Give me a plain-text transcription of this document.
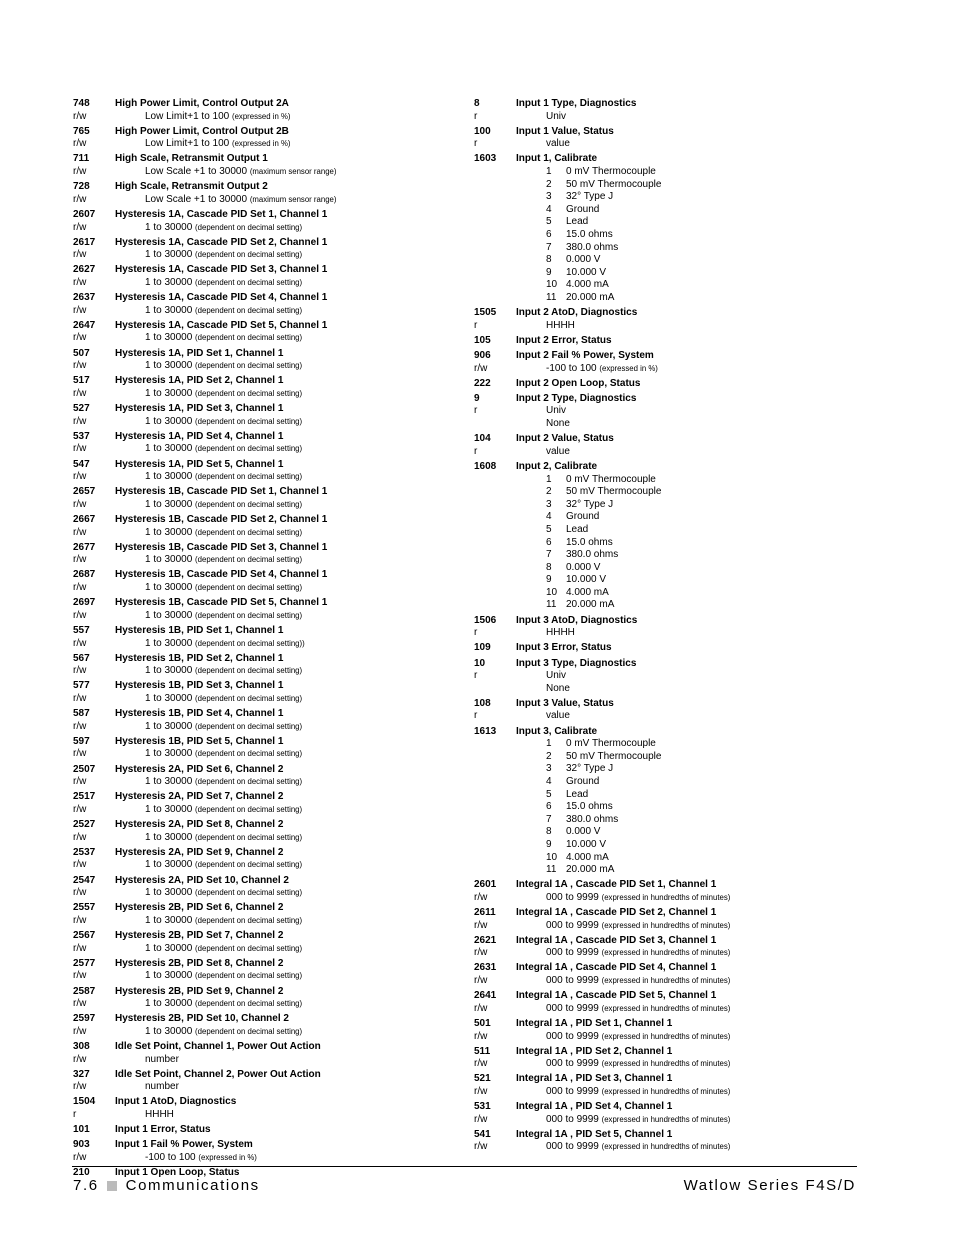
748	High Power Limit, Control Output 2A
r/w	Low Limit+1 to 100 (expressed in %)
765	High Power Limit, Control Output 2B
r/w	Low Limit+1 to 100 (expressed in %)
711	High Scale, Retransmit Output 1
r/w	Low Scale +1 to 30000 (maximum sensor range)
728	High Scale, Retransmit Output 2
r/w	Low Scale +1 to 30000 (maximum sensor range)
2607	Hysteresis 1A, Cascade PID Set 1, Channel 1
r/w	1 to 30000 (dependent on decimal setting)
2617	Hysteresis 1A, Cascade PID Set 2, Channel 1
r/w	1 to 30000 (dependent on decimal setting)
2627	Hysteresis 1A, Cascade PID Set 3, Channel 1
r/w	1 to 30000 (dependent on decimal setting)
2637	Hysteresis 1A, Cascade PID Set 4, Channel 1
r/w	1 to 30000 (dependent on decimal setting)
2647	Hysteresis 1A, Cascade PID Set 5, Channel 1
r/w	1 to 30000 (dependent on decimal setting)
507	Hysteresis 1A, PID Set 1, Channel 1
r/w	1 to 30000 (dependent on decimal setting)
517	Hysteresis 1A, PID Set 2, Channel 1
r/w	1 to 30000 (dependent on decimal setting)
527	Hysteresis 1A, PID Set 3, Channel 1
r/w	1 to 30000 (dependent on decimal setting)
537	Hysteresis 1A, PID Set 4, Channel 1
r/w	1 to 30000 (dependent on decimal setting)
547	Hysteresis 1A, PID Set 5, Channel 1
r/w	1 to 30000 (dependent on decimal setting)
2657	Hysteresis 1B, Cascade PID Set 1, Channel 1
r/w	1 to 30000 (dependent on decimal setting)
2667	Hysteresis 1B, Cascade PID Set 2, Channel 1
r/w	1 to 30000 (dependent on decimal setting)
2677	Hysteresis 1B, Cascade PID Set 3, Channel 1
r/w	1 to 30000 (dependent on decimal setting)
2687	Hysteresis 1B, Cascade PID Set 4, Channel 1
r/w	1 to 30000 (dependent on decimal setting)
2697	Hysteresis 1B, Cascade PID Set 5, Channel 1
r/w	1 to 30000 (dependent on decimal setting)
557	Hysteresis 1B, PID Set 1, Channel 1
r/w	1 to 30000 (dependent on decimal setting))
567	Hysteresis 1B, PID Set 2, Channel 1
r/w	1 to 30000 (dependent on decimal setting)
577	Hysteresis 1B, PID Set 3, Channel 1
r/w	1 to 30000 (dependent on decimal setting)
587	Hysteresis 1B, PID Set 4, Channel 1
r/w	1 to 30000 (dependent on decimal setting)
597	Hysteresis 1B, PID Set 5, Channel 1
r/w	1 to 30000 (dependent on decimal setting)
2507	Hysteresis 2A, PID Set 6, Channel 2
r/w	1 to 30000 (dependent on decimal setting)
2517	Hysteresis 2A, PID Set 7, Channel 2
r/w	1 to 30000 (dependent on decimal setting)
2527	Hysteresis 2A, PID Set 8, Channel 2
r/w	1 to 30000 (dependent on decimal setting)
2537	Hysteresis 2A, PID Set 9, Channel 2
r/w	1 to 30000 (dependent on decimal setting)
2547	Hysteresis 2A, PID Set 10, Channel 2
r/w	1 to 30000 (dependent on decimal setting)
2557	Hysteresis 2B, PID Set 6, Channel 2
r/w	1 to 30000 (dependent on decimal setting)
2567	Hysteresis 2B, PID Set 7, Channel 2
r/w	1 to 30000 (dependent on decimal setting)
2577	Hysteresis 2B, PID Set 8, Channel 2
r/w	1 to 30000 (dependent on decimal setting)
2587	Hysteresis 2B, PID Set 9, Channel 2
r/w	1 to 30000 (dependent on decimal setting)
2597	Hysteresis 2B, PID Set 10, Channel 2
r/w	1 to 30000 (dependent on decimal setting)
308	Idle Set Point, Channel 1, Power Out Action
r/w	number
327	Idle Set Point, Channel 2, Power Out Action
r/w	number
1504	Input 1 AtoD, Diagnostics
r	HHHH
101	Input 1 Error, Status
903	Input 1 Fail % Power, System
r/w	-100 to 100 (expressed in %)
210	Input 1 Open Loop, Status
8	Input 1 Type, Diagnostics
r	Univ
100	Input 1 Value, Status
r	value
1603	Input 1, Calibrate
1	0 mV Thermocouple
2	50 mV Thermocouple
3	32° Type J
4	Ground
5	Lead
6	15.0 ohms
7	380.0 ohms
8	0.000 V
9	10.000 V
10 4.000 mA
11 20.000 mA
1505	Input 2 AtoD, Diagnostics
r	HHHH
105	Input 2 Error, Status
906	Input 2 Fail % Power, System
r/w	-100 to 100 (expressed in %)
222	Input 2 Open Loop, Status
9	Input 2 Type, Diagnostics
r	Univ
None
104	Input 2 Value, Status
r	value
1608	Input 2, Calibrate
1	0 mV Thermocouple
2	50 mV Thermocouple
3	32° Type J
4	Ground
5	Lead
6	15.0 ohms
7	380.0 ohms
8	0.000 V
9	10.000 V
10 4.000 mA
11 20.000 mA
1506	Input 3 AtoD, Diagnostics
r	HHHH
109	Input 3 Error, Status
10	Input 3 Type, Diagnostics
r	Univ
None
108	Input 3 Value, Status
r	value
1613	Input 3, Calibrate
1	0 mV Thermocouple
2	50 mV Thermocouple
3	32° Type J
4	Ground
5	Lead
6	15.0 ohms
7	380.0 ohms
8	0.000 V
9	10.000 V
10 4.000 mA
11 20.000 mA
2601	Integral 1A , Cascade PID Set 1, Channel 1
r/w	000 to 9999 (expressed in hundredths of minutes)
2611	Integral 1A , Cascade PID Set 2, Channel 1
r/w	000 to 9999 (expressed in hundredths of minutes)
2621	Integral 1A , Cascade PID Set 3, Channel 1
r/w	000 to 9999 (expressed in hundredths of minutes)
2631	Integral 1A , Cascade PID Set 4, Channel 1
r/w	000 to 9999 (expressed in hundredths of minutes)
2641	Integral 1A , Cascade PID Set 5, Channel 1
r/w	000 to 9999 (expressed in hundredths of minutes)
501	Integral 1A , PID Set 1, Channel 1
r/w	000 to 9999 (expressed in hundredths of minutes)
511	Integral 1A , PID Set 2, Channel 1
r/w	000 to 9999 (expressed in hundredths of minutes)
521	Integral 1A , PID Set 3, Channel 1
r/w	000 to 9999 (expressed in hundredths of minutes)
531	Integral 1A , PID Set 4, Channel 1
r/w	000 to 9999 (expressed in hundredths of minutes)
541	Integral 1A , PID Set 5, Channel 1
r/w	000 to 9999 (expressed in hundredths of minutes)
7.6 Communications	Watlow Series F4S/D
